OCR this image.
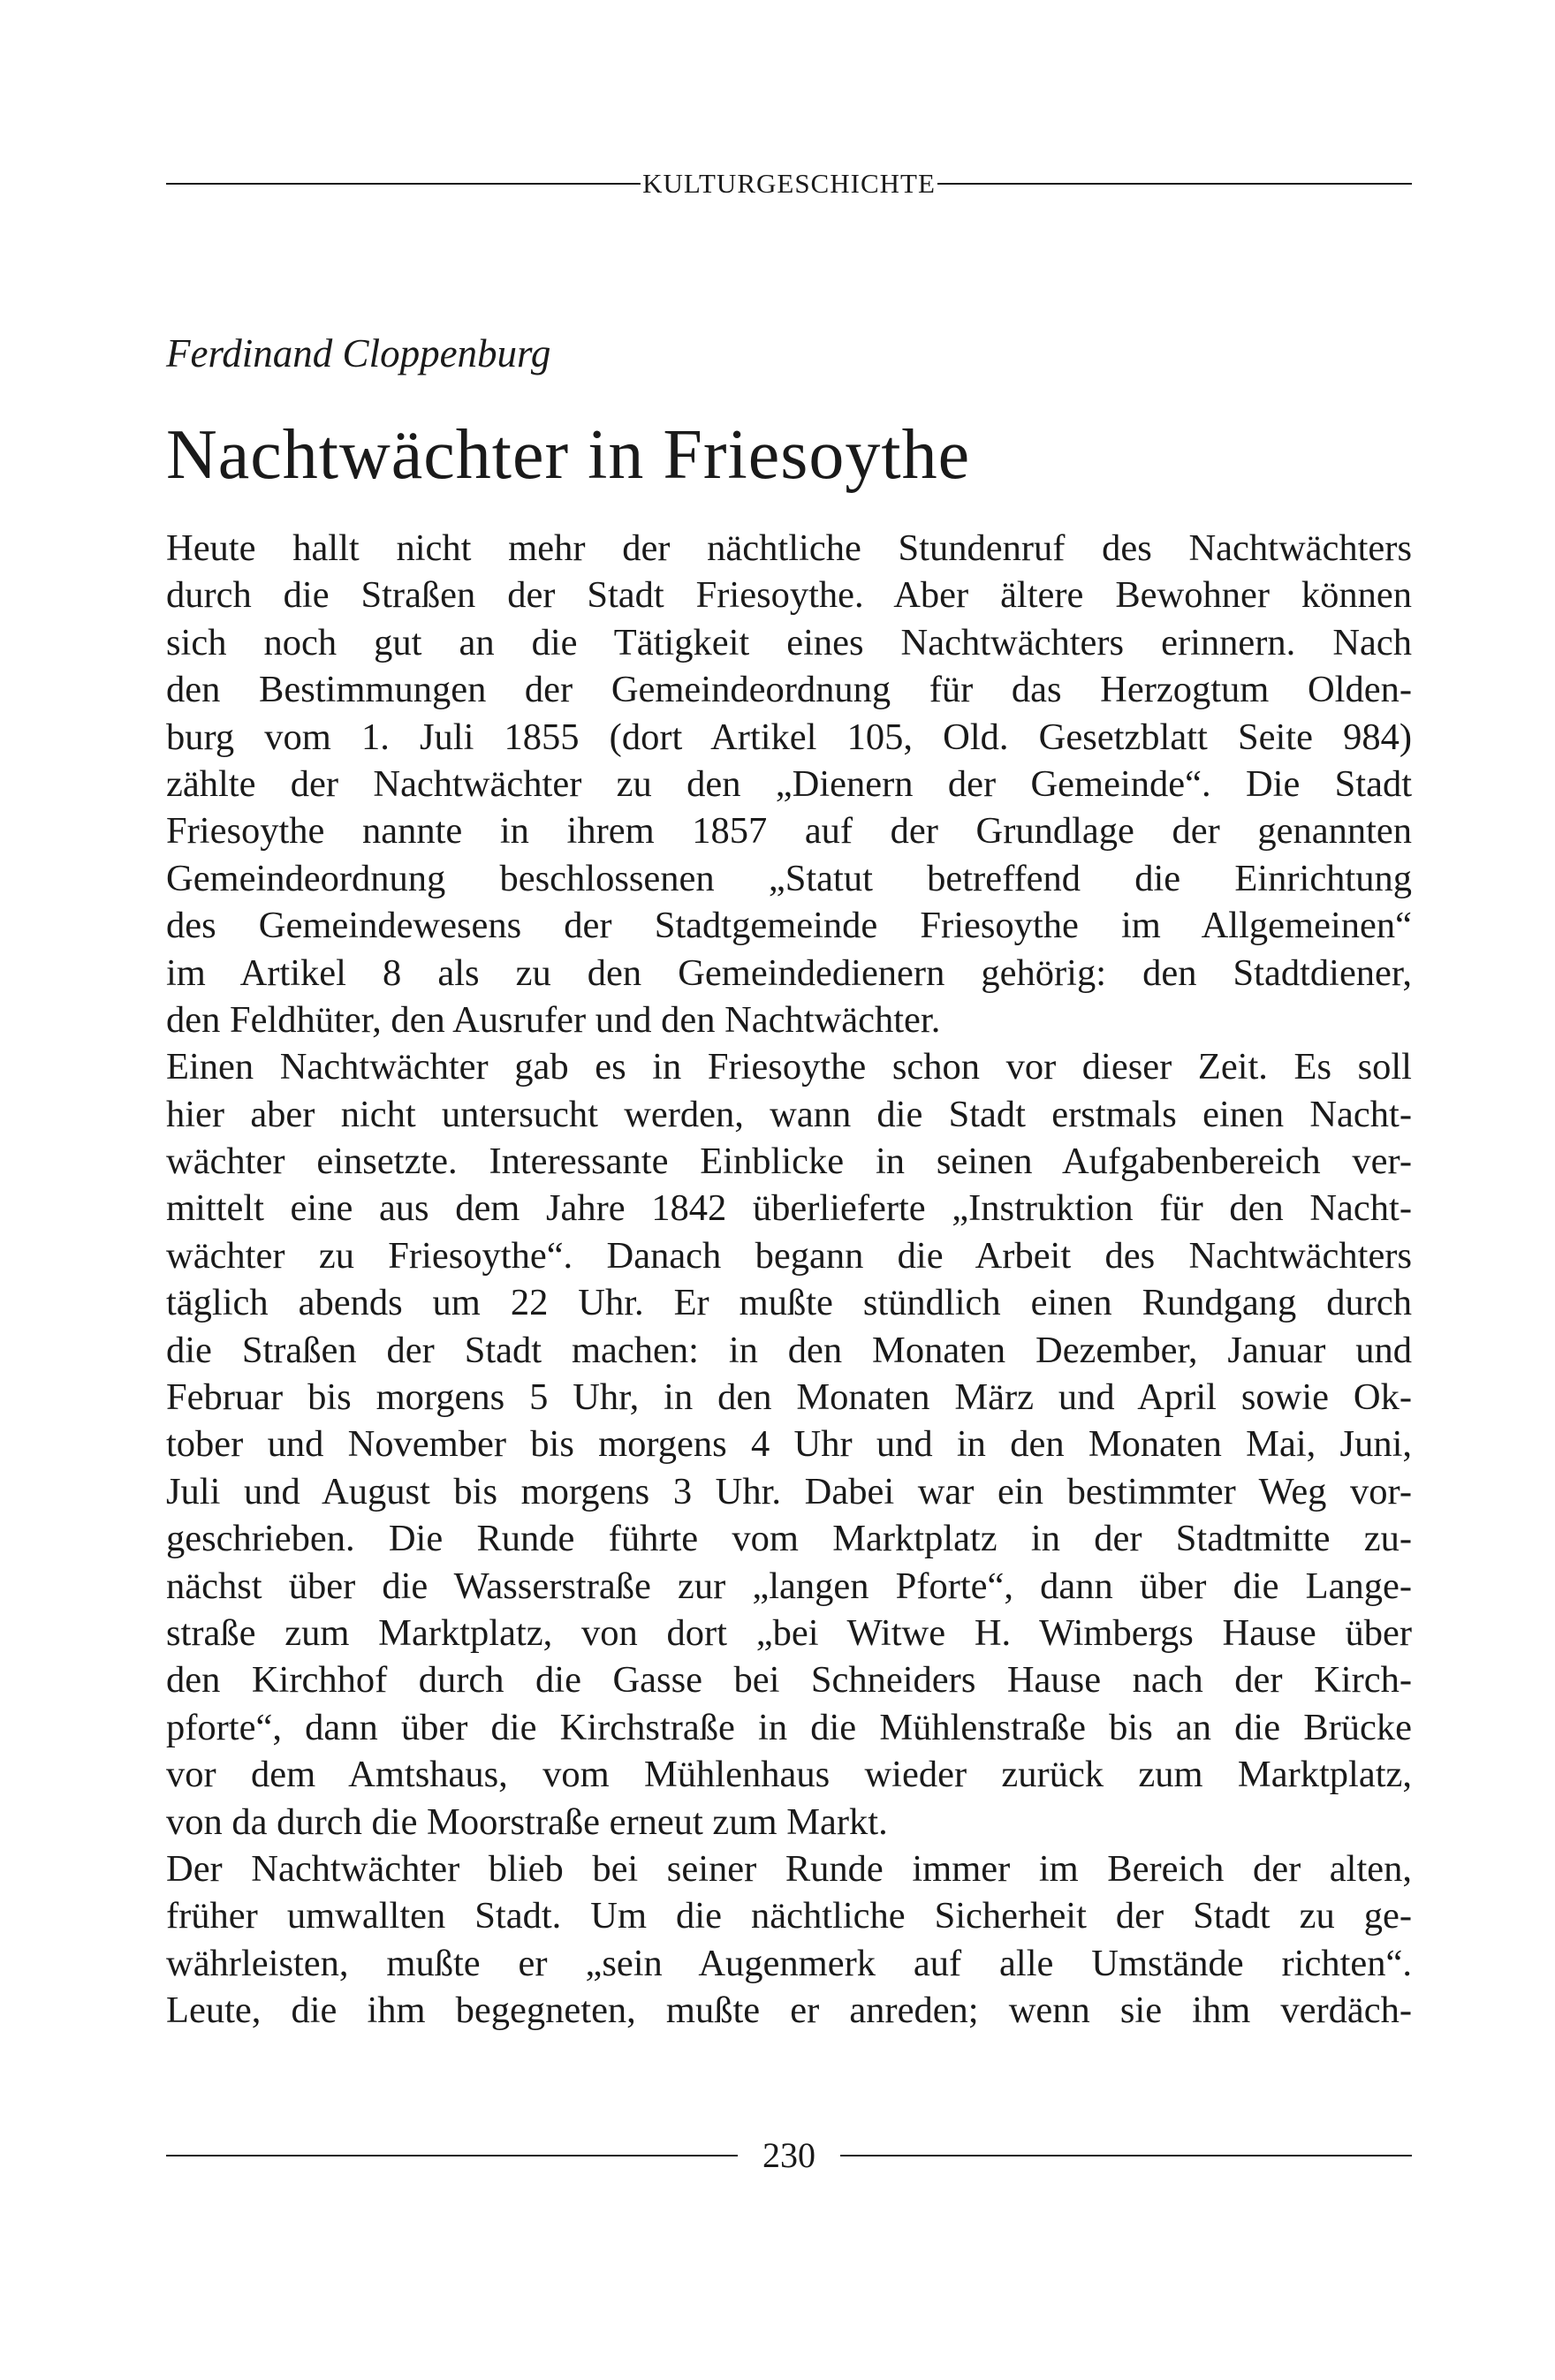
KULTURGESCHICHTE
Ferdinand Cloppenburg
Nachtwächter in Friesoythe
Heute hallt nicht mehr der nächtliche Stundenruf des Nachtwächters
durch die Straßen der Stadt Friesoythe. Aber ältere Bewohner können
sich noch gut an die Tätigkeit eines Nachtwächters erinnern. Nach
den Bestimmungen der Gemeindeordnung für das Herzogtum Olden-
burg vom 1. Juli 1855 (dort Artikel 105, Old. Gesetzblatt Seite 984)
zählte der Nachtwächter zu den „Dienern der Gemeinde“. Die Stadt
Friesoythe nannte in ihrem 1857 auf der Grundlage der genannten
Gemeindeordnung beschlossenen „Statut betreffend die Einrichtung
des Gemeindewesens der Stadtgemeinde Friesoythe im Allgemeinen“
im Artikel 8 als zu den Gemeindedienern gehörig: den Stadtdiener,
den Feldhüter, den Ausrufer und den Nachtwächter.
Einen Nachtwächter gab es in Friesoythe schon vor dieser Zeit. Es soll
hier aber nicht untersucht werden, wann die Stadt erstmals einen Nacht-
wächter einsetzte. Interessante Einblicke in seinen Aufgabenbereich ver-
mittelt eine aus dem Jahre 1842 überlieferte „Instruktion für den Nacht-
wächter zu Friesoythe“. Danach begann die Arbeit des Nachtwächters
täglich abends um 22 Uhr. Er mußte stündlich einen Rundgang durch
die Straßen der Stadt machen: in den Monaten Dezember, Januar und
Februar bis morgens 5 Uhr, in den Monaten März und April sowie Ok-
tober und November bis morgens 4 Uhr und in den Monaten Mai, Juni,
Juli und August bis morgens 3 Uhr. Dabei war ein bestimmter Weg vor-
geschrieben. Die Runde führte vom Marktplatz in der Stadtmitte zu-
nächst über die Wasserstraße zur „langen Pforte“, dann über die Lange-
straße zum Marktplatz, von dort „bei Witwe H. Wimbergs Hause über
den Kirchhof durch die Gasse bei Schneiders Hause nach der Kirch-
pforte“, dann über die Kirchstraße in die Mühlenstraße bis an die Brücke
vor dem Amtshaus, vom Mühlenhaus wieder zurück zum Marktplatz,
von da durch die Moorstraße erneut zum Markt.
Der Nachtwächter blieb bei seiner Runde immer im Bereich der alten,
früher umwallten Stadt. Um die nächtliche Sicherheit der Stadt zu ge-
währleisten, mußte er „sein Augenmerk auf alle Umstände richten“.
Leute, die ihm begegneten, mußte er anreden; wenn sie ihm verdäch-
230
